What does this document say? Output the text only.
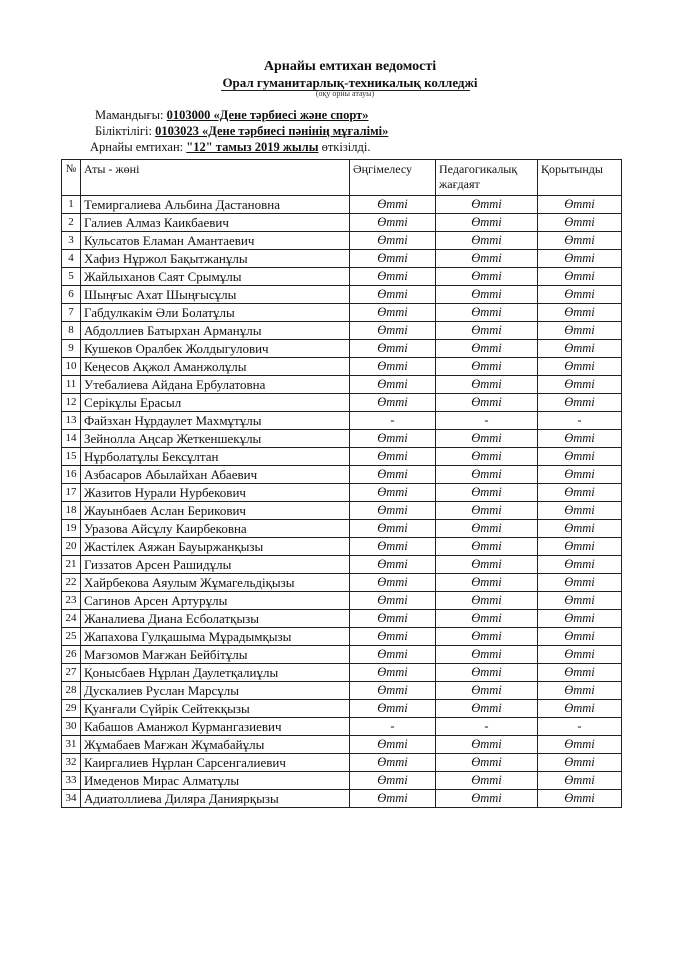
Арнайы емтихан ведомості
Орал гуманитарлық-техникалық колледжі
(оқу орны атауы)
Мамандығы: 0103000 «Дене тәрбиесі және спорт»
Біліктілігі: 0103023 «Дене тәрбиесі пәнінің мұғалімі»
Арнайы емтихан: "12" тамыз 2019 жылы өткізілді.
№	Аты - жөні	Әңгімелесу	Педагогикалық жағдаят	Қорытынды
1	Темиргалиева Альбина Дастановна	Өтті	Өтті	Өтті
2	Галиев Алмаз Каикбаевич	Өтті	Өтті	Өтті
3	Кульсатов Еламан Амантаевич	Өтті	Өтті	Өтті
4	Хафиз Нұржол Бақытжанұлы	Өтті	Өтті	Өтті
5	Жайлыханов Саят Срымұлы	Өтті	Өтті	Өтті
6	Шыңғыс Ахат Шыңғысұлы	Өтті	Өтті	Өтті
7	Габдулкакім Әли Болатұлы	Өтті	Өтті	Өтті
8	Абдоллиев Батырхан Арманұлы	Өтті	Өтті	Өтті
9	Кушеков Оралбек Жолдыгулович	Өтті	Өтті	Өтті
10	Кеңесов Ақжол Аманжолұлы	Өтті	Өтті	Өтті
11	Утебалиева Айдана Ербулатовна	Өтті	Өтті	Өтті
12	Серікұлы Ерасыл	Өтті	Өтті	Өтті
13	Файзхан Нұрдаулет Махмұтұлы	-	-	-
14	Зейнолла Аңсар Жеткеншекұлы	Өтті	Өтті	Өтті
15	Нұрболатұлы Бексұлтан	Өтті	Өтті	Өтті
16	Азбасаров Абылайхан Абаевич	Өтті	Өтті	Өтті
17	Жазитов Нурали Нурбекович	Өтті	Өтті	Өтті
18	Жауынбаев Аслан Берикович	Өтті	Өтті	Өтті
19	Уразова Айсұлу Каирбековна	Өтті	Өтті	Өтті
20	Жастілек Аяжан Бауыржанқызы	Өтті	Өтті	Өтті
21	Гиззатов Арсен Рашидұлы	Өтті	Өтті	Өтті
22	Хайрбекова Аяулым Жұмагельдіқызы	Өтті	Өтті	Өтті
23	Сагинов Арсен Артурұлы	Өтті	Өтті	Өтті
24	Жаналиева Диана Есболатқызы	Өтті	Өтті	Өтті
25	Жапахова Гулқашыма Мұрадымқызы	Өтті	Өтті	Өтті
26	Мағзомов Мағжан Бейбітұлы	Өтті	Өтті	Өтті
27	Қонысбаев Нұрлан Даулетқалиұлы	Өтті	Өтті	Өтті
28	Дускалиев Руслан Марсұлы	Өтті	Өтті	Өтті
29	Қуанғали Сүйрік Сейтекқызы	Өтті	Өтті	Өтті
30	Кабашов Аманжол Курмангазиевич	-	-	-
31	Жұмабаев Мағжан Жұмабайұлы	Өтті	Өтті	Өтті
32	Каиргалиев Нұрлан Сарсенгалиевич	Өтті	Өтті	Өтті
33	Имеденов Мирас Алматұлы	Өтті	Өтті	Өтті
34	Адиатоллиева Диляра Даниярқызы	Өтті	Өтті	Өтті
